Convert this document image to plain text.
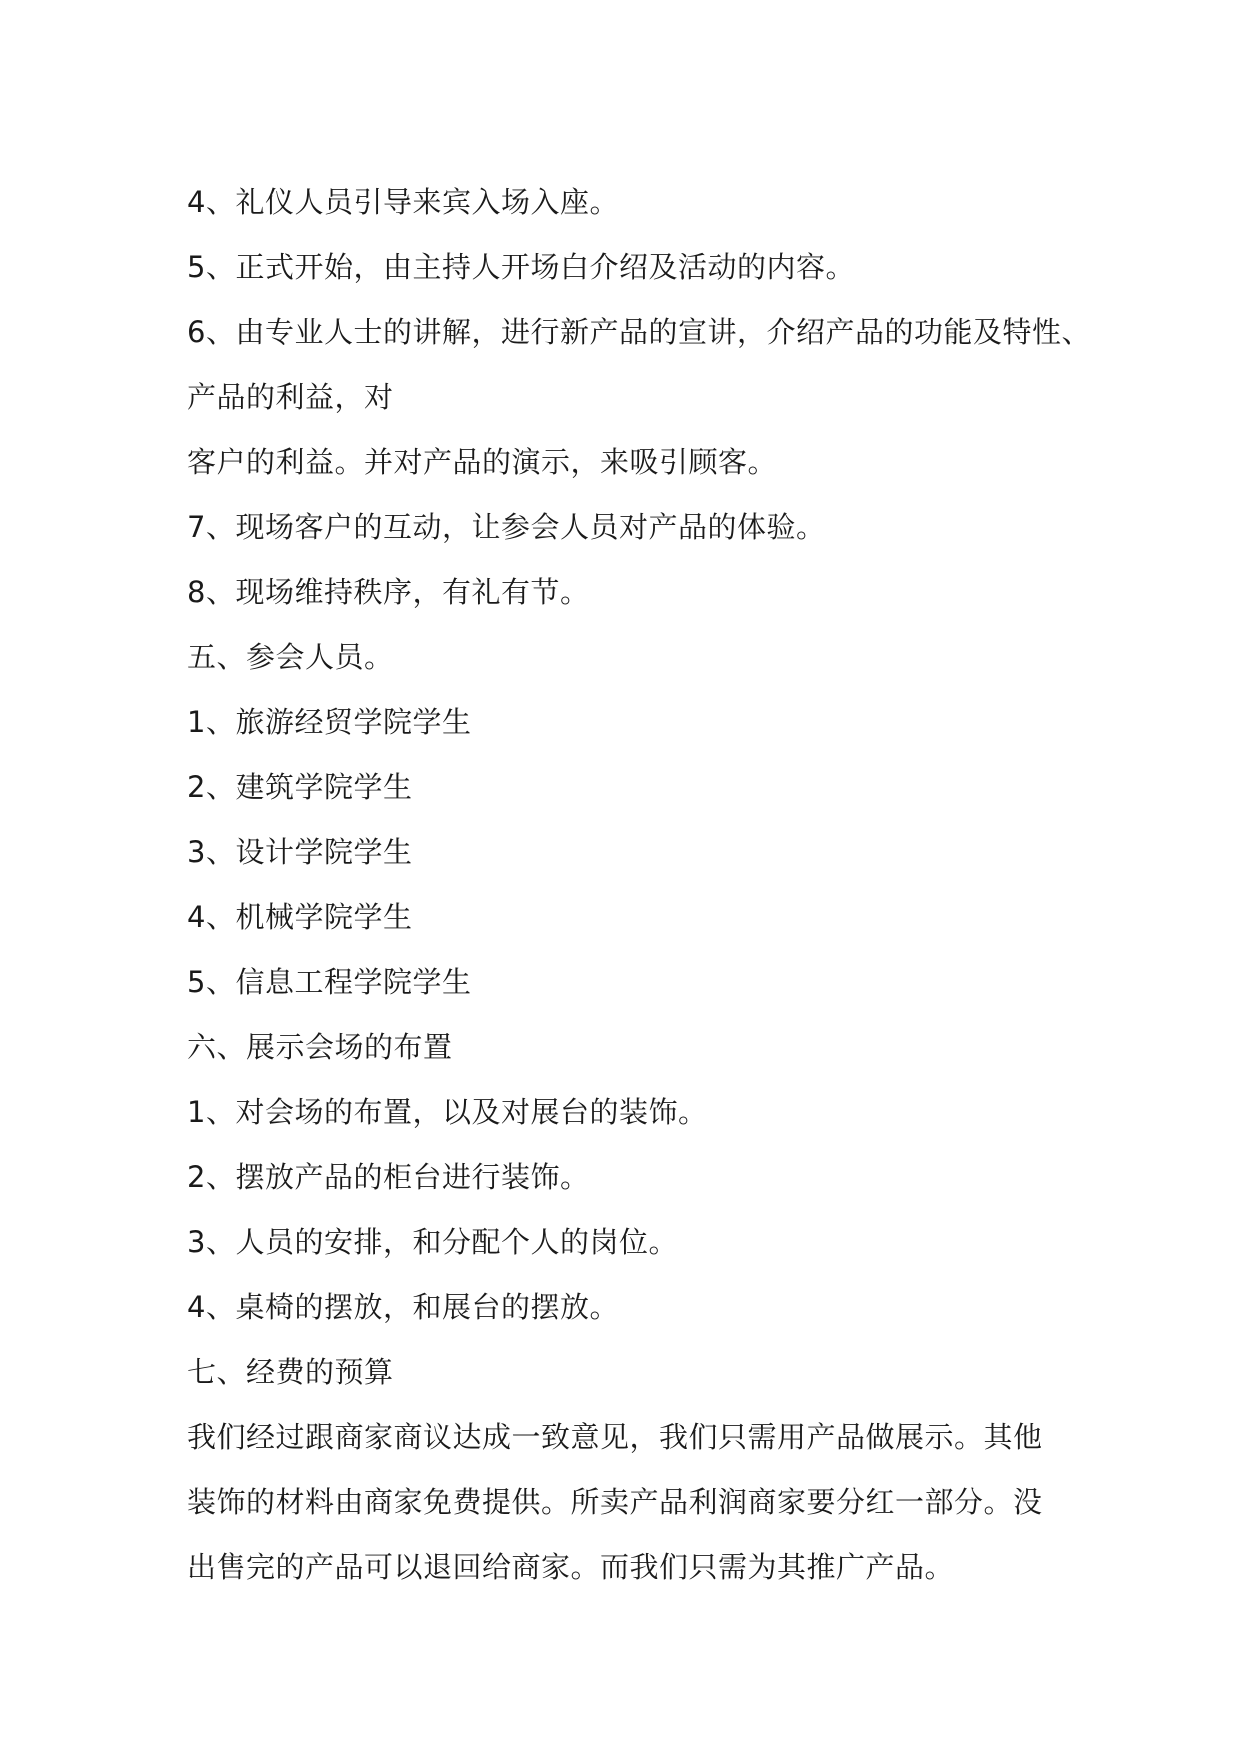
4、礼仪人员引导来宾入场入座。
5、正式开始，由主持人开场白介绍及活动的内容。
6、由专业人士的讲解，进行新产品的宣讲，介绍产品的功能及特性、
产品的利益，对
客户的利益。并对产品的演示，来吸引顾客。
7、现场客户的互动，让参会人员对产品的体验。
8、现场维持秩序，有礼有节。
五、参会人员。
1、旅游经贸学院学生
2、建筑学院学生
3、设计学院学生
4、机械学院学生
5、信息工程学院学生
六、展示会场的布置
1、对会场的布置，以及对展台的装饰。
2、摆放产品的柜台进行装饰。
3、人员的安排，和分配个人的岗位。
4、桌椅的摆放，和展台的摆放。
七、经费的预算
我们经过跟商家商议达成一致意见，我们只需用产品做展示。其他
装饰的材料由商家免费提供。所卖产品利润商家要分红一部分。没
出售完的产品可以退回给商家。而我们只需为其推广产品。
